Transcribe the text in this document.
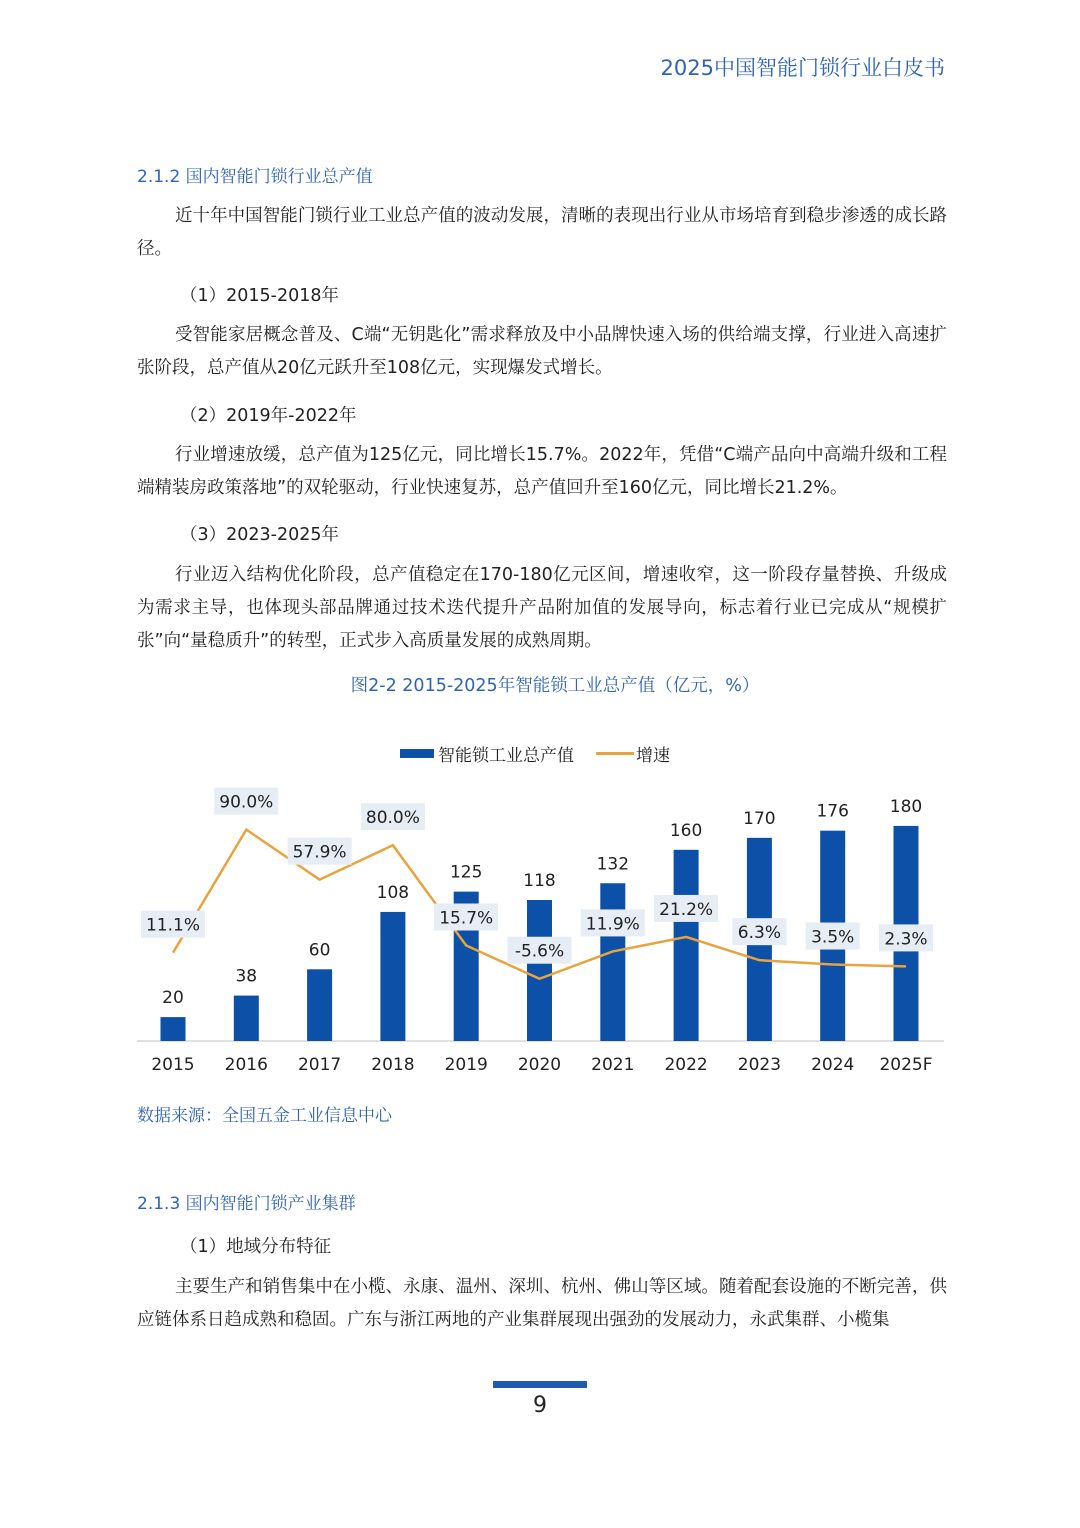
2025中国智能门锁行业白皮书
2.1.2 国内智能门锁行业总产值
近十年中国智能门锁行业工业总产值的波动发展，清晰的表现出行业从市场培育到稳步渗透的成长路径。
（1）2015-2018年
受智能家居概念普及、C端“无钥匙化”需求释放及中小品牌快速入场的供给端支撑，行业进入高速扩张阶段，总产值从20亿元跃升至108亿元，实现爆发式增长。
（2）2019年-2022年
行业增速放缓，总产值为125亿元，同比增长15.7%。2022年，凭借“C端产品向中高端升级和工程端精装房政策落地”的双轮驱动，行业快速复苏，总产值回升至160亿元，同比增长21.2%。
（3）2023-2025年
行业迈入结构优化阶段，总产值稳定在170-180亿元区间，增速收窄，这一阶段存量替换、升级成为需求主导，也体现头部品牌通过技术迭代提升产品附加值的发展导向，标志着行业已完成从“规模扩张”向“量稳质升”的转型，正式步入高质量发展的成熟周期。
图2-2 2015-2025年智能锁工业总产值（亿元，%）
智能锁工业总产值	增速
20
2015
38
2016
60
2017
108
2018
125
2019
118
2020
132
2021
160
2022
170
2023
176
2024
180
2025F
11.1%
90.0%
57.9%
80.0%
15.7%
-5.6%
11.9%
21.2%
6.3% 3.5% 2.3%
数据来源：全国五金工业信息中心
2.1.3 国内智能门锁产业集群
（1）地域分布特征
主要生产和销售集中在小榄、永康、温州、深圳、杭州、佛山等区域。随着配套设施的不断完善，供应链体系日趋成熟和稳固。广东与浙江两地的产业集群展现出强劲的发展动力，永武集群、小榄集
9
